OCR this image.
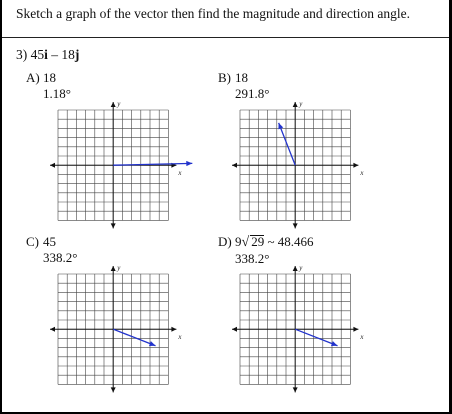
Sketch a graph of the vector then find the magnitude and direction angle.
3) 45i – 18j
A) 18
1.18°
B) 18
291.8°
C) 45
338.2°
D) 9√ 29 ~ 48.466
338.2°
x
y
x
y
x
y
x
y
